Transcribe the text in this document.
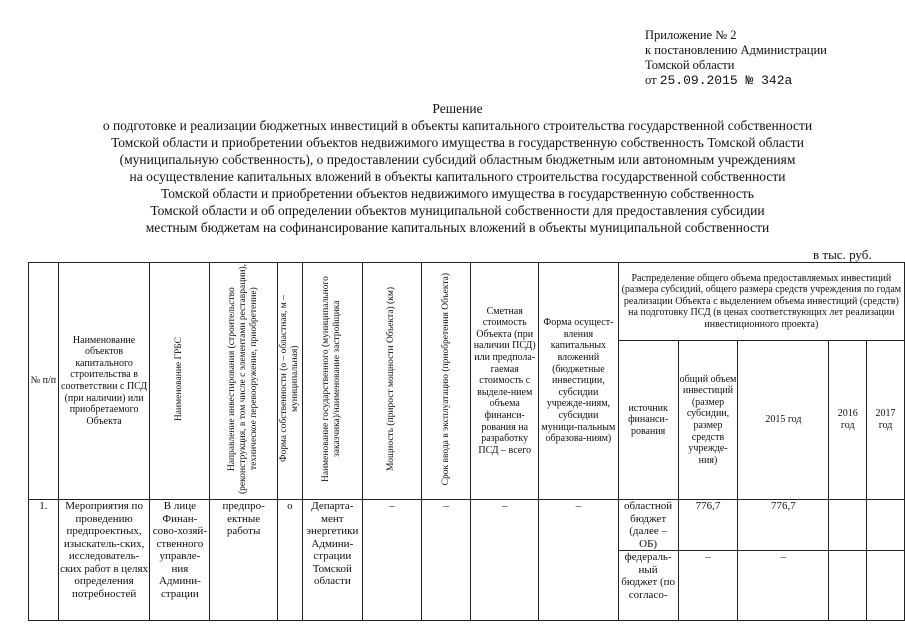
Приложение № 2
к постановлению Администрации
Томской области
от 25.09.2015 № 342а
Решение
о подготовке и реализации бюджетных инвестиций в объекты капитального строительства государственной собственности
Томской области и приобретении объектов недвижимого имущества в государственную собственность Томской области
(муниципальную собственность), о предоставлении субсидий областным бюджетным или автономным учреждениям
на осуществление капитальных вложений в объекты капитального строительства государственной собственности
Томской области и приобретении объектов недвижимого имущества в государственную собственность
Томской области и об определении объектов муниципальной собственности для предоставления субсидии
местным бюджетам на софинансирование капитальных вложений в объекты муниципальной собственности
в тыс. руб.
№ п/п	Наименование объектов капитального строительства в соответствии с ПСД (при наличии) или приобретаемого Объекта	Наименование ГРБС	Направление инвестирования (строительство (реконструкция, в том числе с элементами реставрации), техническое перевооружение, приобретение)	Форма собственности (о – областная, м – муниципальная)	Наименование государственного (муниципального заказчика)/наименование застройщика	Мощность (прирост мощности Объекта) (км)	Срок ввода в эксплуатацию (приобретения Объекта)	Сметная стоимость Объекта (при наличии ПСД) или предпола-гаемая стоимость с выделе-нием объема финанси-рования на разработку ПСД – всего	Форма осущест-вления капитальных вложений (бюджетные инвестиции, субсидии учрежде-ниям, субсидии муници-пальным образова-ниям)	Распределение общего объема предоставляемых инвестиций (размера субсидий, общего размера средств учреждения по годам реализации Объекта с выделением объема инвестиций (средств) на подготовку ПСД (в ценах соответствующих лет реализации инвестиционного проекта)				
										источник финанси-рования	общий объем инвестиций (размер субсидии, размер средств учрежде-ния)	2015 год	2016 год	2017 год
1.	Мероприятия по проведению предпроектных, изыскатель-ских, исследователь-ских работ в целях определения потребностей	В лице Финан-сово-хозяй-ственного управле-ния Админи-страции	предпро-ектные работы	о	Департа-мент энергетики Админи-страции Томской области	–	–	–	–	областной бюджет (далее – ОБ)	776,7	776,7		
										федераль-ный бюджет (по согласо-	–	–		
